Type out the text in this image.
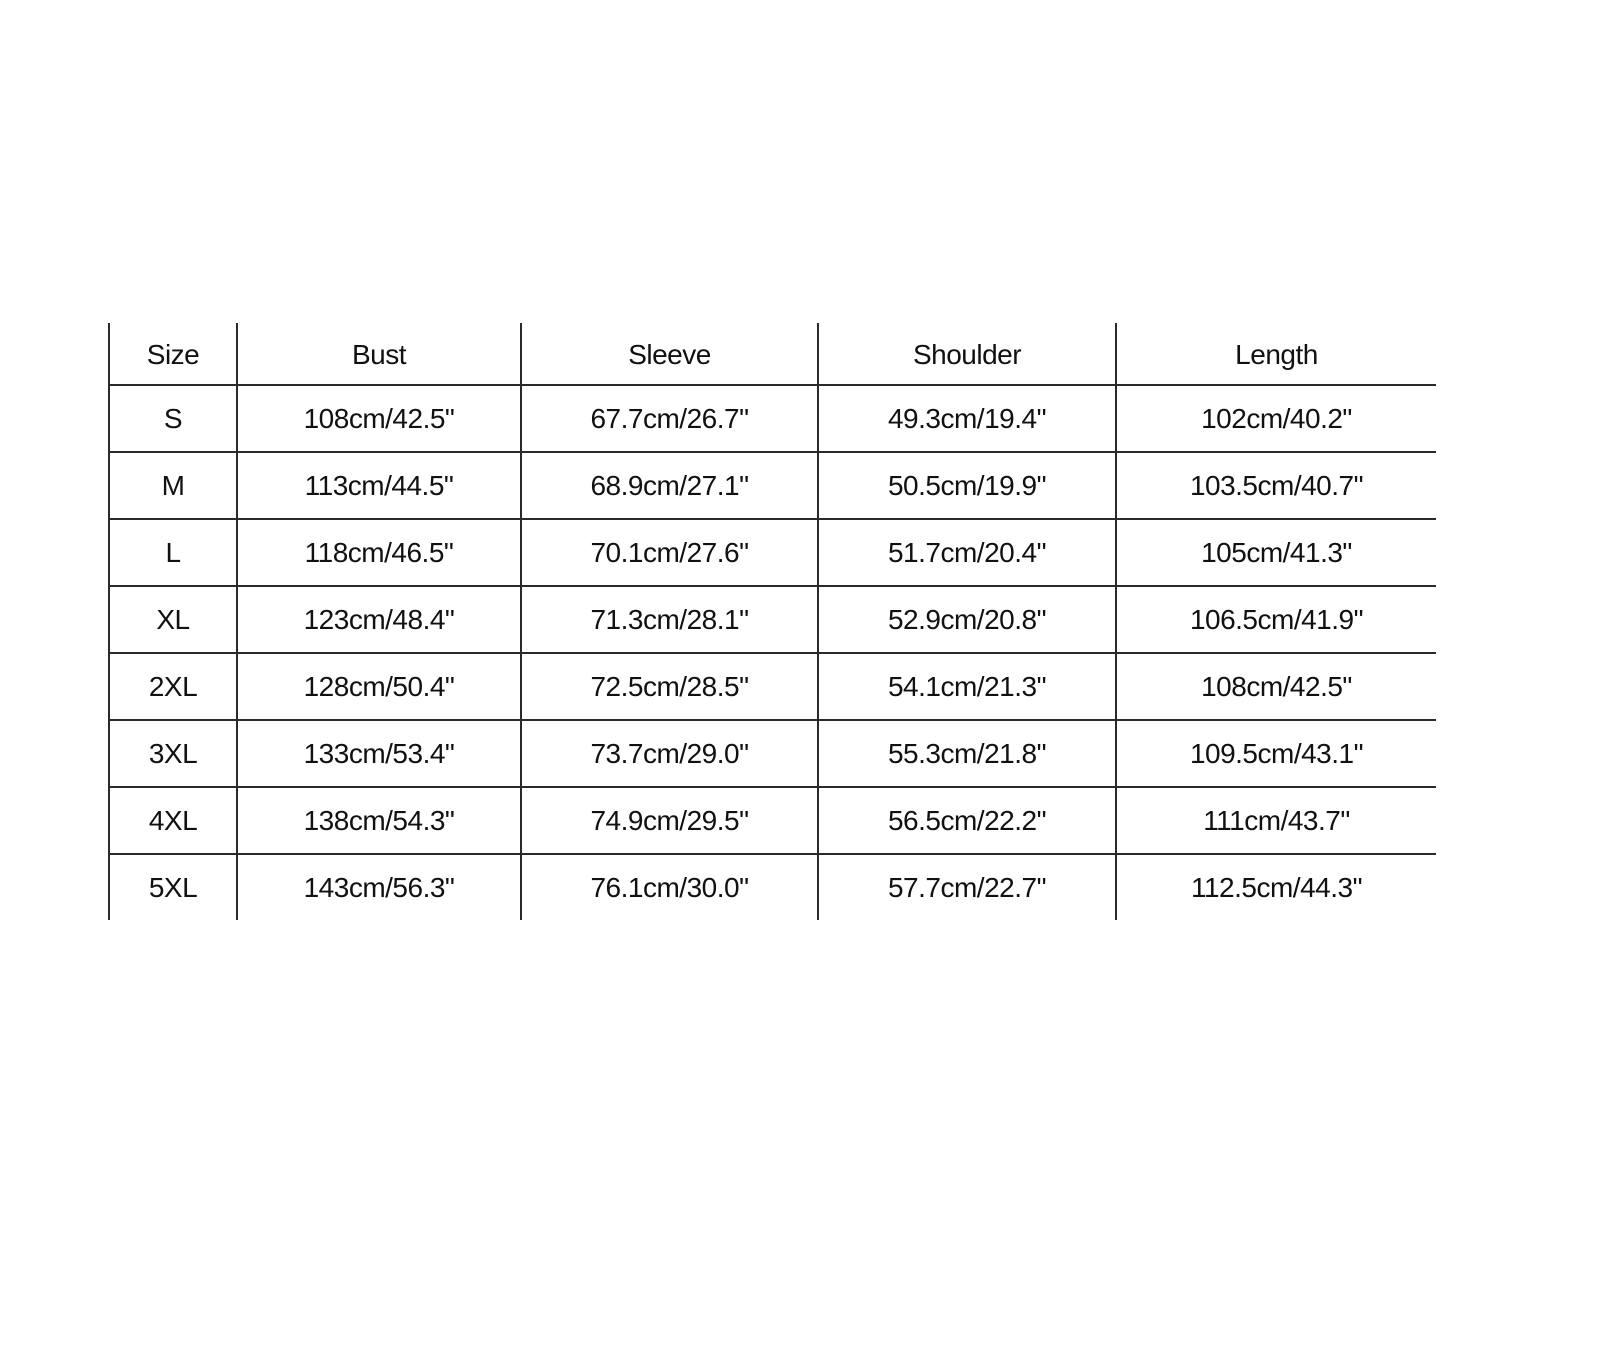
Size	Bust	Sleeve	Shoulder	Length
S	108cm/42.5"	67.7cm/26.7"	49.3cm/19.4"	102cm/40.2"
M	113cm/44.5"	68.9cm/27.1"	50.5cm/19.9"	103.5cm/40.7"
L	118cm/46.5"	70.1cm/27.6"	51.7cm/20.4"	105cm/41.3"
XL	123cm/48.4"	71.3cm/28.1"	52.9cm/20.8"	106.5cm/41.9"
2XL	128cm/50.4"	72.5cm/28.5"	54.1cm/21.3"	108cm/42.5"
3XL	133cm/53.4"	73.7cm/29.0"	55.3cm/21.8"	109.5cm/43.1"
4XL	138cm/54.3"	74.9cm/29.5"	56.5cm/22.2"	111cm/43.7"
5XL	143cm/56.3"	76.1cm/30.0"	57.7cm/22.7"	112.5cm/44.3"
